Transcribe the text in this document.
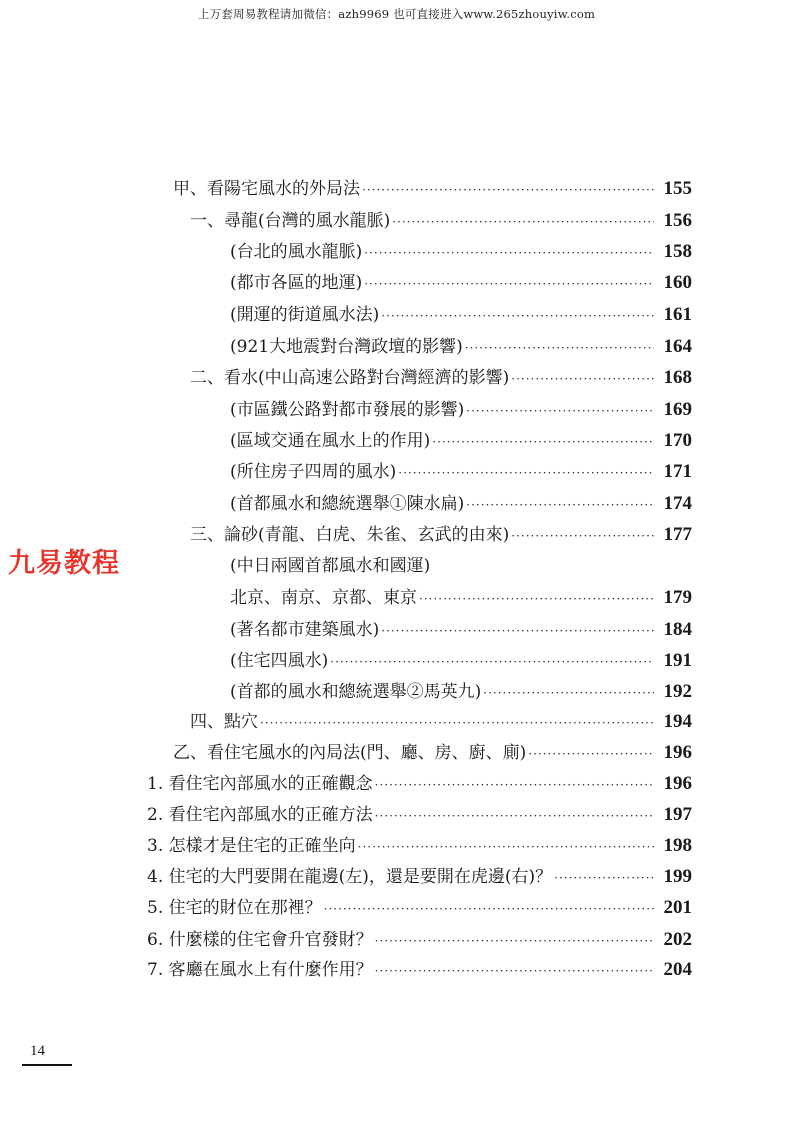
上万套周易教程请加微信：azh9969 也可直接进入www.265zhouyiw.com
九易教程
甲、看陽宅風水的外局法 ·····	155
一、尋龍(台灣的風水龍脈) ·····	156
(台北的風水龍脈) ·····	158
(都市各區的地運) ·····	160
(開運的街道風水法) ·····	161
(921大地震對台灣政壇的影響) ·····	164
二、看水(中山高速公路對台灣經濟的影響) ·····	168
(市區鐵公路對都市發展的影響) ·····	169
(區域交通在風水上的作用) ·····	170
(所住房子四周的風水) ·····	171
(首都風水和總統選舉①陳水扁) ·····	174
三、論砂(青龍、白虎、朱雀、玄武的由來) ·····	177
(中日兩國首都風水和國運)
北京、南京、京都、東京 ·····	179
(著名都市建築風水) ·····	184
(住宅四風水) ·····	191
(首都的風水和總統選舉②馬英九) ·····	192
四、點穴 ·····	194
乙、看住宅風水的內局法(門、廳、房、廚、廁) ·····	196
1. 看住宅內部風水的正確觀念 ·····	196
2. 看住宅內部風水的正確方法 ·····	197
3. 怎樣才是住宅的正確坐向 ·····	198
4. 住宅的大門要開在龍邊(左)，還是要開在虎邊(右)？ ·····	199
5. 住宅的財位在那裡？ ·····	201
6. 什麼樣的住宅會升官發財？ ·····	202
7. 客廳在風水上有什麼作用？ ·····	204
14
